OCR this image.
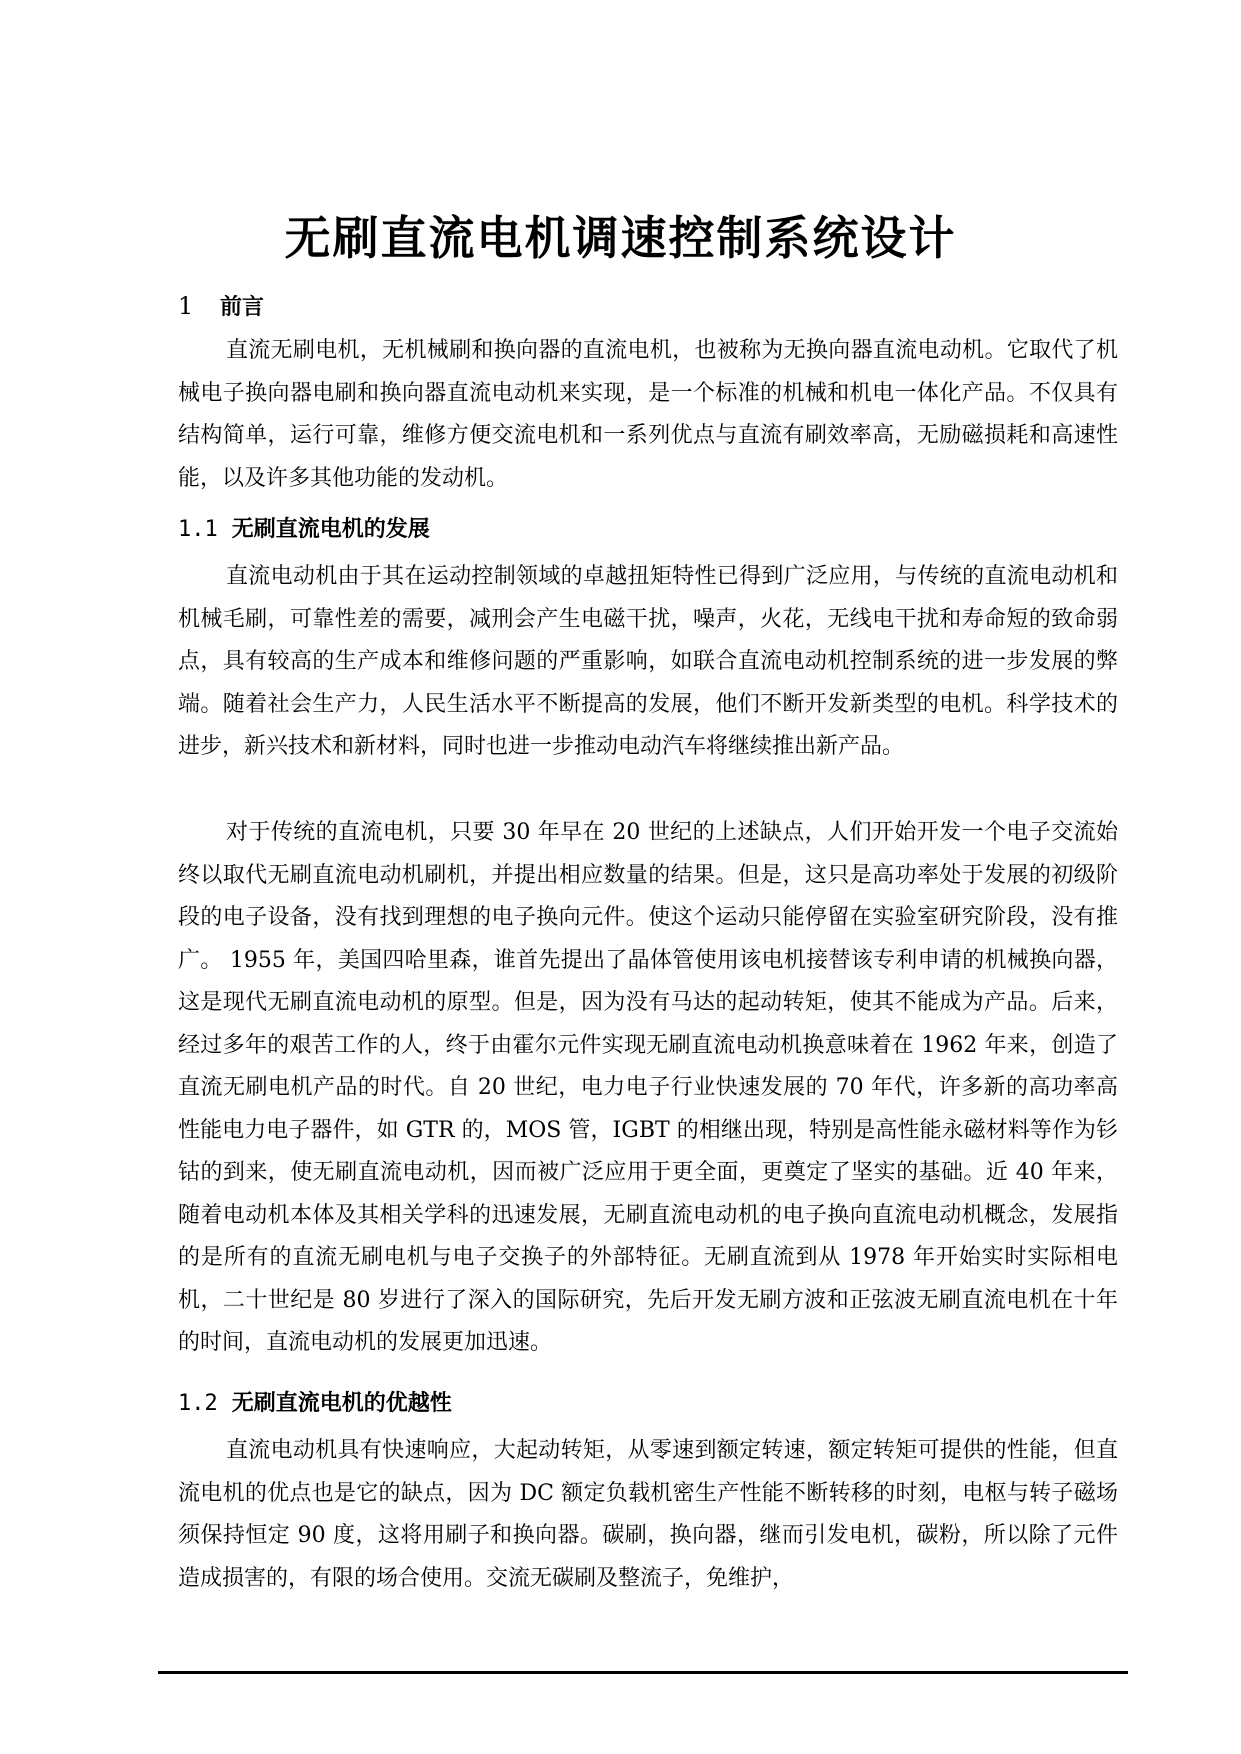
无刷直流电机调速控制系统设计
1 前言

直流无刷电机，无机械刷和换向器的直流电机，也被称为无换向器直流电动机。它取代了机械电子换向器电刷和换向器直流电动机来实现，是一个标准的机械和机电一体化产品。不仅具有结构简单，运行可靠，维修方便交流电机和一系列优点与直流有刷效率高，无励磁损耗和高速性能，以及许多其他功能的发动机。

1.1 无刷直流电机的发展

直流电动机由于其在运动控制领域的卓越扭矩特性已得到广泛应用，与传统的直流电动机和机械毛刷，可靠性差的需要，减刑会产生电磁干扰，噪声，火花，无线电干扰和寿命短的致命弱点，具有较高的生产成本和维修问题的严重影响，如联合直流电动机控制系统的进一步发展的弊端。随着社会生产力，人民生活水平不断提高的发展，他们不断开发新类型的电机。科学技术的进步，新兴技术和新材料，同时也进一步推动电动汽车将继续推出新产品。

对于传统的直流电机，只要 30 年早在 20 世纪的上述缺点，人们开始开发一个电子交流始终以取代无刷直流电动机刷机，并提出相应数量的结果。但是，这只是高功率处于发展的初级阶段的电子设备，没有找到理想的电子换向元件。使这个运动只能停留在实验室研究阶段，没有推广。 1955 年，美国四哈里森，谁首先提出了晶体管使用该电机接替该专利申请的机械换向器，这是现代无刷直流电动机的原型。但是，因为没有马达的起动转矩，使其不能成为产品。后来，经过多年的艰苦工作的人，终于由霍尔元件实现无刷直流电动机换意味着在 1962 年来，创造了直流无刷电机产品的时代。自 20 世纪，电力电子行业快速发展的 70 年代，许多新的高功率高性能电力电子器件，如 GTR 的，MOS 管，IGBT 的相继出现，特别是高性能永磁材料等作为钐钴的到来，使无刷直流电动机，因而被广泛应用于更全面，更奠定了坚实的基础。近 40 年来，随着电动机本体及其相关学科的迅速发展，无刷直流电动机的电子换向直流电动机概念，发展指的是所有的直流无刷电机与电子交换子的外部特征。无刷直流到从 1978 年开始实时实际相电机，二十世纪是 80 岁进行了深入的国际研究，先后开发无刷方波和正弦波无刷直流电机在十年的时间，直流电动机的发展更加迅速。

1.2 无刷直流电机的优越性

直流电动机具有快速响应，大起动转矩，从零速到额定转速，额定转矩可提供的性能，但直流电机的优点也是它的缺点，因为 DC 额定负载机密生产性能不断转移的时刻，电枢与转子磁场须保持恒定 90 度，这将用刷子和换向器。碳刷，换向器，继而引发电机，碳粉，所以除了元件造成损害的，有限的场合使用。交流无碳刷及整流子，免维护，
